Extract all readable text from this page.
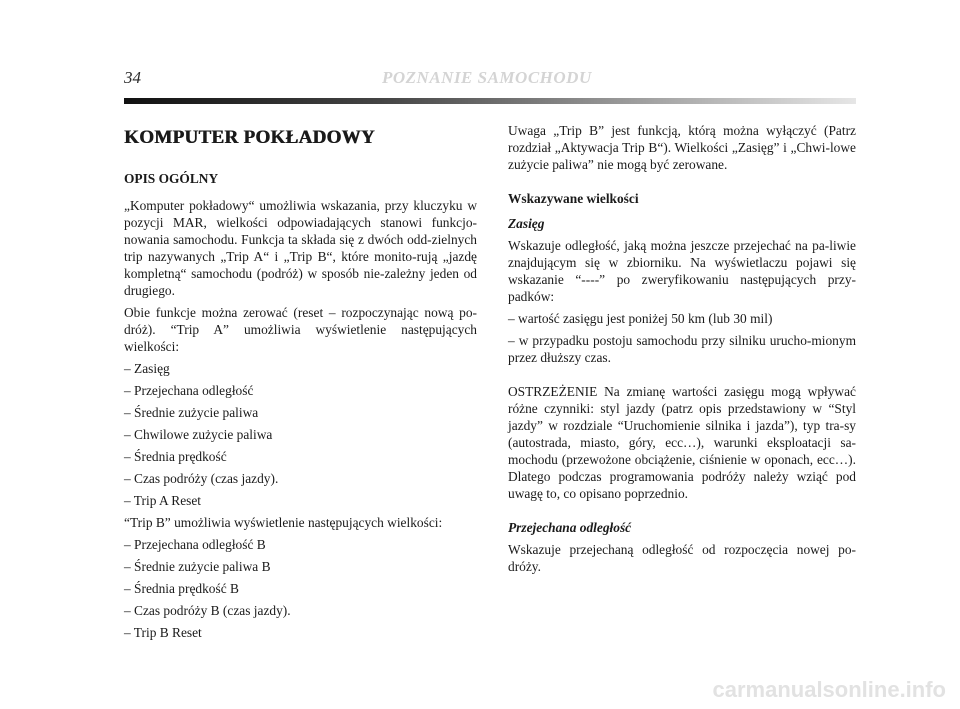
34	POZNANIE SAMOCHODU
KOMPUTER POKŁADOWY
OPIS OGÓLNY

„Komputer pokładowy“ umożliwia wskazania, przy kluczyku w pozycji MAR, wielkości odpowiadających stanowi funkcjo-nowania samochodu. Funkcja ta składa się z dwóch odd-zielnych trip nazywanych „Trip A“ i „Trip B“, które monito-rują „jazdę kompletną“ samochodu (podróż) w sposób nie-zależny jeden od drugiego.

Obie funkcje można zerować (reset – rozpoczynając nową po-dróż). “Trip A” umożliwia wyświetlenie następujących wielkości:

– Zasięg

– Przejechana odległość

– Średnie zużycie paliwa

– Chwilowe zużycie paliwa

– Średnia prędkość

– Czas podróży (czas jazdy).

– Trip A Reset

“Trip B” umożliwia wyświetlenie następujących wielkości:

– Przejechana odległość B

– Średnie zużycie paliwa B

– Średnia prędkość B

– Czas podróży B (czas jazdy).

– Trip B Reset

Uwaga „Trip B” jest funkcją, którą można wyłączyć (Patrz rozdział „Aktywacja Trip B“). Wielkości „Zasięg” i „Chwi-lowe zużycie paliwa” nie mogą być zerowane.

Wskazywane wielkości

Zasięg

Wskazuje odległość, jaką można jeszcze przejechać na pa-liwie znajdującym się w zbiorniku. Na wyświetlaczu pojawi się wskazanie “----” po zweryfikowaniu następujących przy-padków:

– wartość zasięgu jest poniżej 50 km (lub 30 mil)

– w przypadku postoju samochodu przy silniku urucho-mionym przez dłuższy czas.

OSTRZEŻENIE Na zmianę wartości zasięgu mogą wpływać różne czynniki: styl jazdy (patrz opis przedstawiony w “Styl jazdy” w rozdziale “Uruchomienie silnika i jazda”), typ tra-sy (autostrada, miasto, góry, ecc…), warunki eksploatacji sa-mochodu (przewożone obciążenie, ciśnienie w oponach, ecc…). Dlatego podczas programowania podróży należy wziąć pod uwagę to, co opisano poprzednio.

Przejechana odległość

Wskazuje przejechaną odległość od rozpoczęcia nowej po-dróży.

carmanualsonline.info
